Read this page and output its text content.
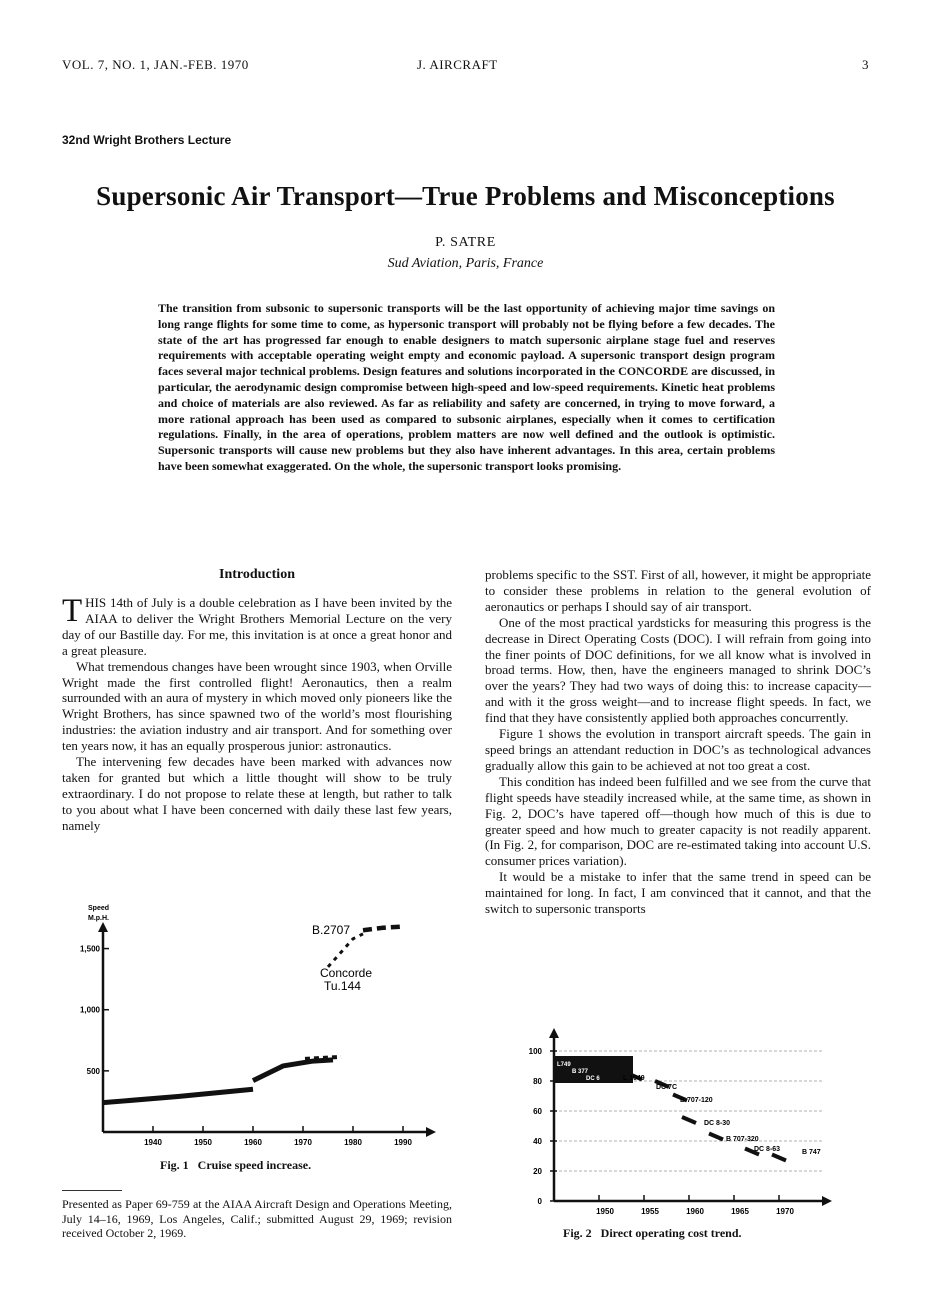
VOL. 7, NO. 1, JAN.-FEB. 1970	J. AIRCRAFT	3
32nd Wright Brothers Lecture
Supersonic Air Transport—True Problems and Misconceptions
P. SATRE
Sud Aviation, Paris, France
The transition from subsonic to supersonic transports will be the last opportunity of achieving major time savings on long range flights for some time to come, as hypersonic transport will probably not be flying before a few decades. The state of the art has progressed far enough to enable designers to match supersonic airplane stage fuel and reserves requirements with acceptable operating weight empty and economic payload. A supersonic transport design program faces several major technical problems. Design features and solutions incorporated in the CONCORDE are discussed, in particular, the aerodynamic design compromise between high-speed and low-speed requirements. Kinetic heat problems and choice of materials are also reviewed. As far as reliability and safety are concerned, in trying to move forward, a more rational approach has been used as compared to subsonic airplanes, especially when it comes to certification regulations. Finally, in the area of operations, problem matters are now well defined and the outlook is optimistic. Supersonic transports will cause new problems but they also have inherent advantages. In this area, certain problems have been somewhat exaggerated. On the whole, the supersonic transport looks promising.
Introduction

THIS 14th of July is a double celebration as I have been invited by the AIAA to deliver the Wright Brothers Memorial Lecture on the very day of our Bastille day. For me, this invitation is at once a great honor and a great pleasure.

What tremendous changes have been wrought since 1903, when Orville Wright made the first controlled flight! Aeronautics, then a realm surrounded with an aura of mystery in which moved only pioneers like the Wright Brothers, has since spawned two of the world’s most flourishing industries: the aviation industry and air transport. And for something over ten years now, it has an equally prosperous junior: astronautics.

The intervening few decades have been marked with advances now taken for granted but which a little thought will show to be truly extraordinary. I do not propose to relate these at length, but rather to talk to you about what I have been concerned with daily these last few years, namely

problems specific to the SST. First of all, however, it might be appropriate to consider these problems in relation to the general evolution of aeronautics or perhaps I should say of air transport.

One of the most practical yardsticks for measuring this progress is the decrease in Direct Operating Costs (DOC). I will refrain from going into the finer points of DOC definitions, for we all know what is involved in broad terms. How, then, have the engineers managed to shrink DOC’s over the years? They had two ways of doing this: to increase capacity—and with it the gross weight—and to increase flight speeds. In fact, we find that they have consistently applied both approaches concurrently.

Figure 1 shows the evolution in transport aircraft speeds. The gain in speed brings an attendant reduction in DOC’s as technological advances gradually allow this gain to be achieved at not too great a cost.

This condition has indeed been fulfilled and we see from the curve that flight speeds have steadily increased while, at the same time, as shown in Fig. 2, DOC’s have tapered off—though how much of this is due to greater speed and how much to greater capacity is not readily apparent. (In Fig. 2, for comparison, DOC are re-estimated taking into account U.S. consumer prices variation).

It would be a mistake to infer that the same trend in speed can be maintained for long. In fact, I am convinced that it cannot, and that the switch to supersonic transports

Speed
M.p.H.
1940	1950	1960	1970	1980	1990
500
1,000
1,500
B.2707
Concorde
Tu.144
Fig. 1 Cruise speed increase.
Presented as Paper 69-759 at the AIAA Aircraft Design and Operations Meeting, July 14–16, 1969, Los Angeles, Calif.; submitted August 29, 1969; revision received October 2, 1969.
0
20
40
60
80
100
1950	1955	1960	1965	1970
L749
B 377
DC 6	L 1049
DC 7C
B 707-120
DC 8-30
B 707-320
DC 8-63	B 747
Fig. 2 Direct operating cost trend.
